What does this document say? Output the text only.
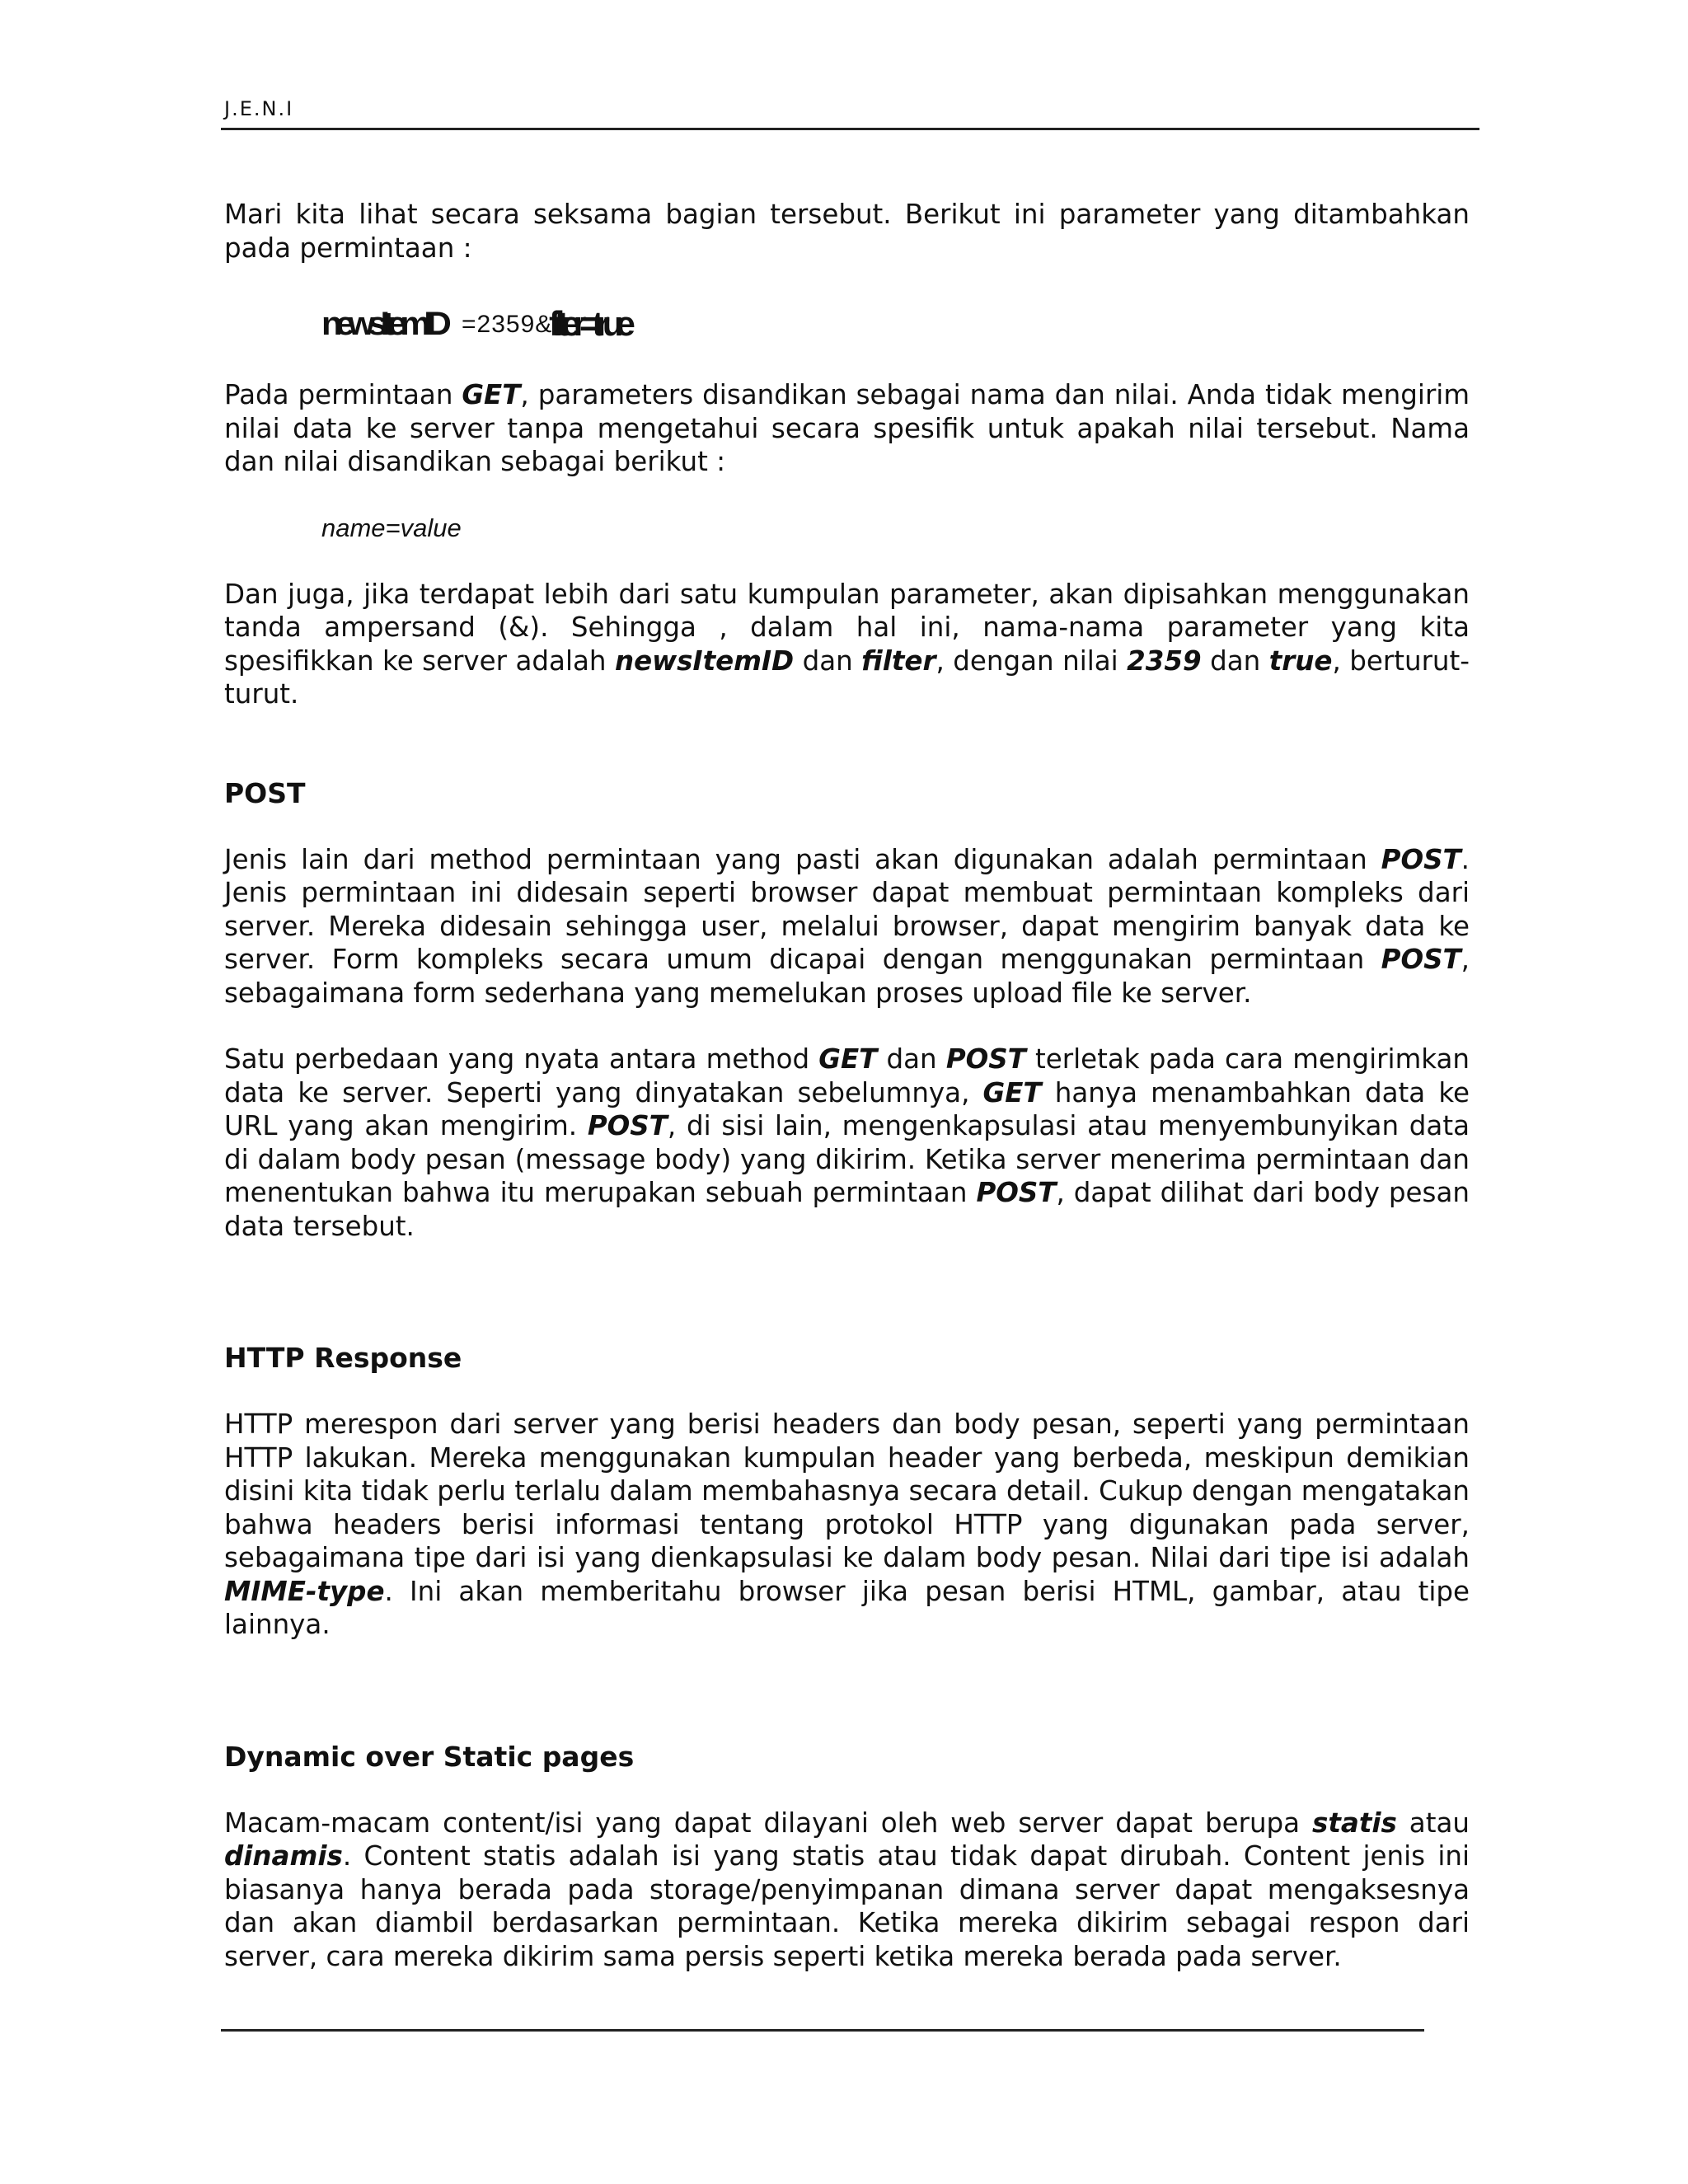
J.E.N.I

Mari kita lihat secara seksama bagian tersebut. Berikut ini parameter yang ditambahkan pada permintaan :

newsItemID =2359&
filter=true

Pada permintaan GET, parameters disandikan sebagai nama dan nilai. Anda tidak mengirim nilai data ke server tanpa mengetahui secara spesifik untuk apakah nilai tersebut. Nama dan nilai disandikan sebagai berikut :

name=value

Dan juga, jika terdapat lebih dari satu kumpulan parameter, akan dipisahkan menggunakan tanda ampersand (&). Sehingga , dalam hal ini, nama-nama parameter yang kita spesifikkan ke server adalah newsItemID dan filter, dengan nilai 2359 dan true, berturut-turut.

POST

Jenis lain dari method permintaan yang pasti akan digunakan adalah permintaan POST. Jenis permintaan ini didesain seperti browser dapat membuat permintaan kompleks dari server. Mereka didesain sehingga user, melalui browser, dapat mengirim banyak data ke server. Form kompleks secara umum dicapai dengan menggunakan permintaan POST, sebagaimana form sederhana yang memelukan proses upload file ke server.

Satu perbedaan yang nyata antara method GET dan POST terletak pada cara mengirimkan data ke server. Seperti yang dinyatakan sebelumnya, GET hanya menambahkan data ke URL yang akan mengirim. POST, di sisi lain, mengenkapsulasi atau menyembunyikan data di dalam body pesan (message body) yang dikirim. Ketika server menerima permintaan dan menentukan bahwa itu merupakan sebuah permintaan POST, dapat dilihat dari body pesan data tersebut.

HTTP Response

HTTP merespon dari server yang berisi headers dan body pesan, seperti yang permintaan HTTP lakukan. Mereka menggunakan kumpulan header yang berbeda, meskipun demikian disini kita tidak perlu terlalu dalam membahasnya secara detail. Cukup dengan mengatakan bahwa headers berisi informasi tentang protokol HTTP yang digunakan pada server, sebagaimana tipe dari isi yang dienkapsulasi ke dalam body pesan. Nilai dari tipe isi adalah MIME-type. Ini akan memberitahu browser jika pesan berisi HTML, gambar, atau tipe lainnya.

Dynamic over Static pages

Macam-macam content/isi yang dapat dilayani oleh web server dapat berupa statis atau dinamis. Content statis adalah isi yang statis atau tidak dapat dirubah. Content jenis ini biasanya hanya berada pada storage/penyimpanan dimana server dapat mengaksesnya dan akan diambil berdasarkan permintaan. Ketika mereka dikirim sebagai respon dari server, cara mereka dikirim sama persis seperti ketika mereka berada pada server.
